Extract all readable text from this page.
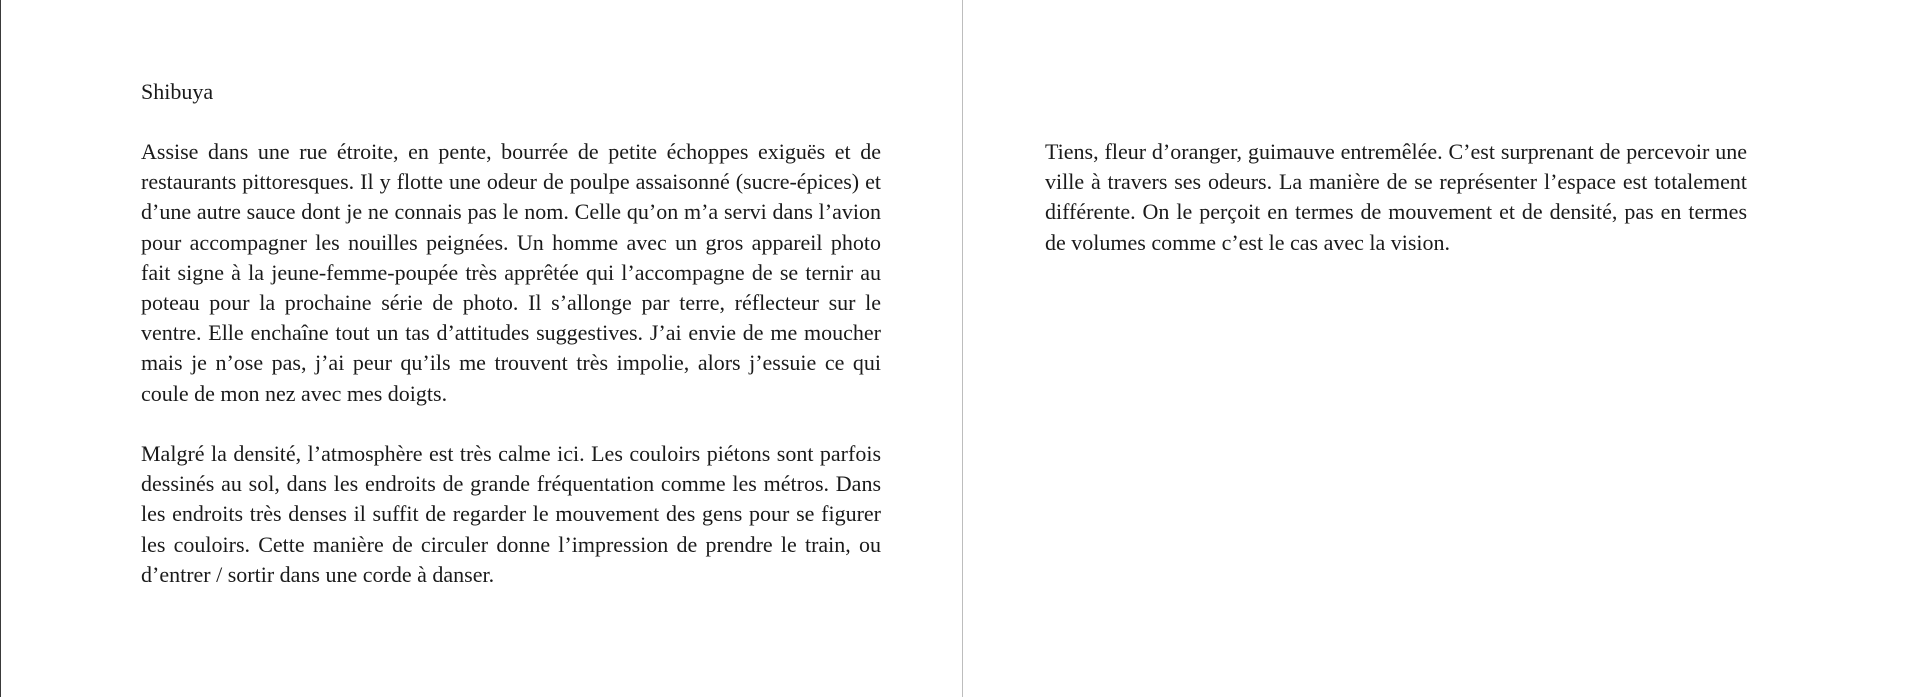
Shibuya

Assise dans une rue étroite, en pente, bourrée de petite échoppes exiguës et de restaurants pittoresques. Il y flotte une odeur de poulpe assaisonné (sucre-épices) et d’une autre sauce dont je ne connais pas le nom. Celle qu’on m’a servi dans l’avion pour accompagner les nouilles peignées. Un homme avec un gros appareil photo fait signe à la jeune-femme-poupée très apprêtée qui l’accompagne de se ternir au poteau pour la prochaine série de photo. Il s’allonge par terre, réflecteur sur le ventre. Elle enchaîne tout un tas d’attitudes suggestives. J’ai envie de me moucher mais je n’ose pas, j’ai peur qu’ils me trouvent très impolie, alors j’essuie ce qui coule de mon nez avec mes doigts.

Malgré la densité, l’atmosphère est très calme ici. Les couloirs piétons sont parfois dessinés au sol, dans les endroits de grande fréquentation comme les métros. Dans les endroits très denses il suffit de regarder le mouvement des gens pour se figurer les couloirs. Cette manière de circuler donne l’impression de prendre le train, ou d’entrer / sortir dans une corde à danser.

Tiens, fleur d’oranger, guimauve entremêlée. C’est surprenant de percevoir une ville à travers ses odeurs. La manière de se représenter l’espace est totalement différente. On le perçoit en termes de mouvement et de densité, pas en termes de volumes comme c’est le cas avec la vision.
